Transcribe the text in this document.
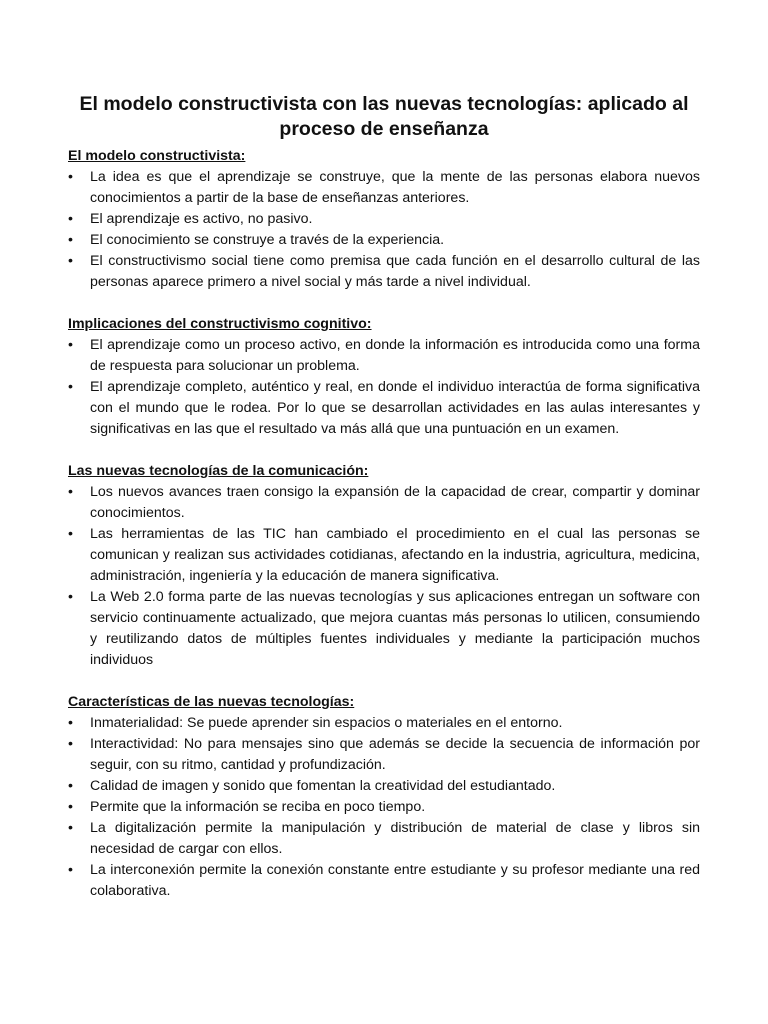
El modelo constructivista con las nuevas tecnologías: aplicado al proceso de enseñanza

El modelo constructivista:

• La idea es que el aprendizaje se construye, que la mente de las personas elabora nuevos conocimientos a partir de la base de enseñanzas anteriores.
• El aprendizaje es activo, no pasivo.
• El conocimiento se construye a través de la experiencia.
• El constructivismo social tiene como premisa que cada función en el desarrollo cultural de las personas aparece primero a nivel social y más tarde a nivel individual.

Implicaciones del constructivismo cognitivo:

• El aprendizaje como un proceso activo, en donde la información es introducida como una forma de respuesta para solucionar un problema.
• El aprendizaje completo, auténtico y real, en donde el individuo interactúa de forma significativa con el mundo que le rodea. Por lo que se desarrollan actividades en las aulas interesantes y significativas en las que el resultado va más allá que una puntuación en un examen.

Las nuevas tecnologías de la comunicación:

• Los nuevos avances traen consigo la expansión de la capacidad de crear, compartir y dominar conocimientos.
• Las herramientas de las TIC han cambiado el procedimiento en el cual las personas se comunican y realizan sus actividades cotidianas, afectando en la industria, agricultura, medicina, administración, ingeniería y la educación de manera significativa.
• La Web 2.0 forma parte de las nuevas tecnologías y sus aplicaciones entregan un software con servicio continuamente actualizado, que mejora cuantas más personas lo utilicen, consumiendo y reutilizando datos de múltiples fuentes individuales y mediante la participación muchos individuos

Características de las nuevas tecnologías:

• Inmaterialidad: Se puede aprender sin espacios o materiales en el entorno.
• Interactividad: No para mensajes sino que además se decide la secuencia de información por seguir, con su ritmo, cantidad y profundización.
• Calidad de imagen y sonido que fomentan la creatividad del estudiantado.
• Permite que la información se reciba en poco tiempo.
• La digitalización permite la manipulación y distribución de material de clase y libros sin necesidad de cargar con ellos.
• La interconexión permite la conexión constante entre estudiante y su profesor mediante una red colaborativa.
